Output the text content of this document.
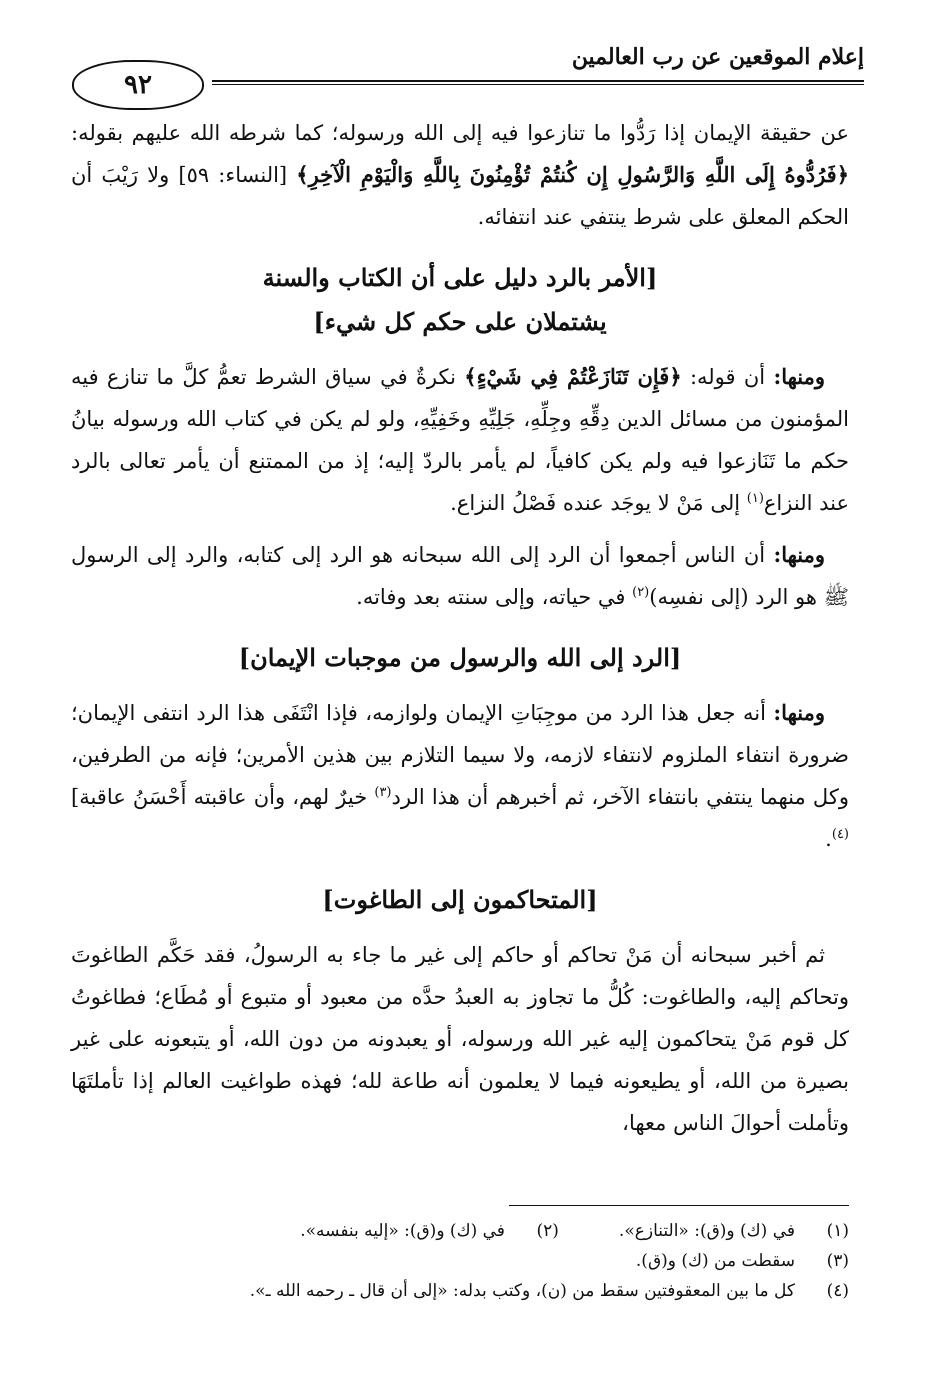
إعلام الموقعين عن رب العالمين
٩٢

عن حقيقة الإيمان إذا رَدُّوا ما تنازعوا فيه إلى الله ورسوله؛ كما شرطه الله عليهم بقوله: ﴿فَرُدُّوهُ إِلَى اللَّهِ وَالرَّسُولِ إِن كُنتُمْ تُؤْمِنُونَ بِاللَّهِ وَالْيَوْمِ الْآخِرِ﴾ [النساء: ٥٩] ولا رَيْبَ أن الحكم المعلق على شرط ينتفي عند انتفائه.

[الأمر بالرد دليل على أن الكتاب والسنة
يشتملان على حكم كل شيء]

ومنها: أن قوله: ﴿فَإِن تَنَازَعْتُمْ فِي شَيْءٍ﴾ نكرةٌ في سياق الشرط تعمُّ كلَّ ما تنازع فيه المؤمنون من مسائل الدين دِقِّهِ وجِلِّهِ، جَلِيِّهِ وخَفِيِّهِ، ولو لم يكن في كتاب الله ورسوله بيانُ حكم ما تَنَازعوا فيه ولم يكن كافياً، لم يأمر بالردّ إليه؛ إذ من الممتنع أن يأمر تعالى بالرد عند النزاع$^{(١)}$ إلى مَنْ لا يوجَد عنده فَصْلُ النزاع.

ومنها: أن الناس أجمعوا أن الرد إلى الله سبحانه هو الرد إلى كتابه، والرد إلى الرسول ﷺ هو الرد (إلى نفسِه)$^{(٢)}$ في حياته، وإلى سنته بعد وفاته.

[الرد إلى الله والرسول من موجبات الإيمان]

ومنها: أنه جعل هذا الرد من موجِبَاتِ الإيمان ولوازمه، فإذا انْتَفَى هذا الرد انتفى الإيمان؛ ضرورة انتفاء الملزوم لانتفاء لازمه، ولا سيما التلازم بين هذين الأمرين؛ فإنه من الطرفين، وكل منهما ينتفي بانتفاء الآخر، ثم أخبرهم أن هذا الرد$^{(٣)}$ خيرٌ لهم، وأن عاقبته أَحْسَنُ عاقبة]$^{(٤)}$.

[المتحاكمون إلى الطاغوت]

ثم أخبر سبحانه أن مَنْ تحاكم أو حاكم إلى غير ما جاء به الرسولُ، فقد حَكَّم الطاغوتَ وتحاكم إليه، والطاغوت: كُلُّ ما تجاوز به العبدُ حدَّه من معبود أو متبوع أو مُطَاع؛ فطاغوتُ كل قوم مَنْ يتحاكمون إليه غير الله ورسوله، أو يعبدونه من دون الله، أو يتبعونه على غير بصيرة من الله، أو يطيعونه فيما لا يعلمون أنه طاعة لله؛ فهذه طواغيت العالم إذا تأملتَهَا وتأملت أحوالَ الناس معها،

(١)
في (ك) و(ق): «التنازع».
(٢)
في (ك) و(ق): «إليه بنفسه».
(٣)
سقطت من (ك) و(ق).
(٤)
كل ما بين المعقوفتين سقط من (ن)، وكتب بدله: «إلى أن قال ـ رحمه الله ـ».
